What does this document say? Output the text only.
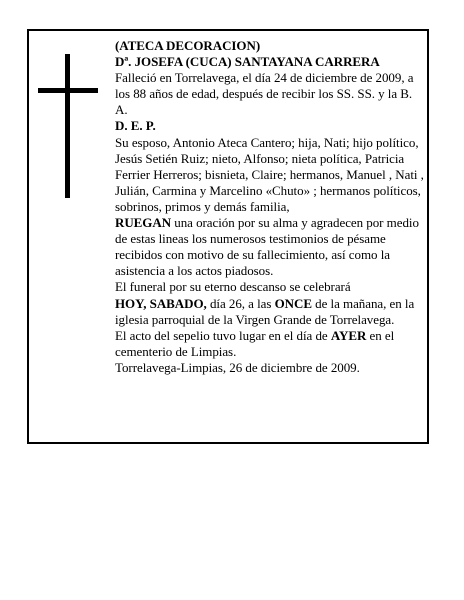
(ATECA DECORACION)

Dª. JOSEFA (CUCA) SANTAYANA CARRERA

Falleció en Torrelavega, el día 24 de diciembre de 2009, a los 88 años de edad, después de recibir los SS. SS. y la B. A.

D. E. P.

Su esposo, Antonio Ateca Cantero; hija, Nati; hijo político, Jesús Setién Ruiz; nieto, Alfonso; nieta política, Patricia Ferrier Herreros; bisnieta, Claire; hermanos, Manuel , Nati , Julián, Carmina y Marcelino «Chuto» ; hermanos políticos, sobrinos, primos y demás familia,

RUEGAN una oración por su alma y agradecen por medio de estas lineas los numerosos testimonios de pésame recibidos con motivo de su fallecimiento, así como la asistencia a los actos piadosos.

El funeral por su eterno descanso se celebrará

HOY, SABADO, día 26, a las ONCE de la mañana, en la iglesia parroquial de la Virgen Grande de Torrelavega.

El acto del sepelio tuvo lugar en el día de AYER en el cementerio de Limpias.

Torrelavega-Limpias, 26 de diciembre de 2009.
